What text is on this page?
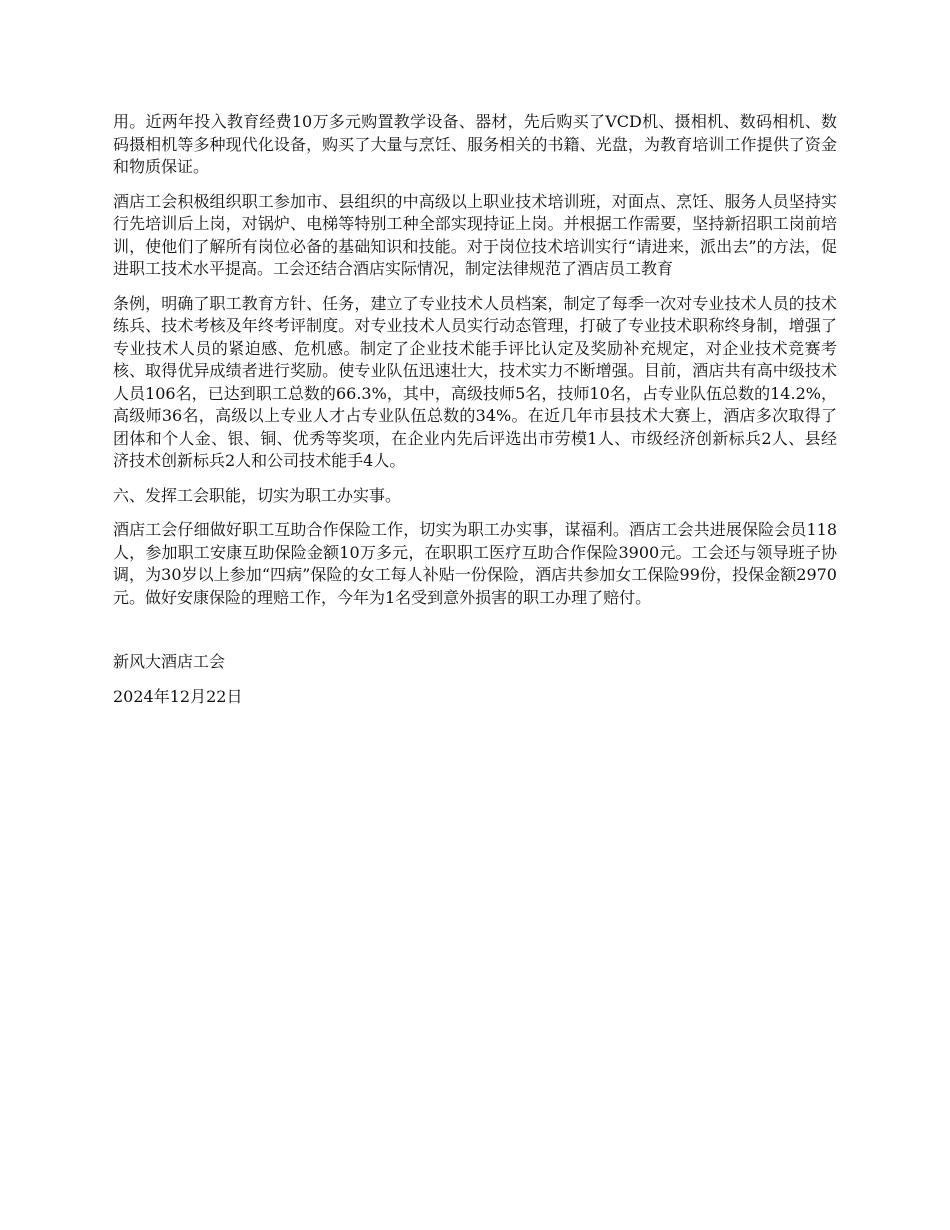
用。近两年投入教育经费10万多元购置教学设备、器材，先后购买了VCD机、摄相机、数码相机、数码摄相机等多种现代化设备，购买了大量与烹饪、服务相关的书籍、光盘，为教育培训工作提供了资金和物质保证。

酒店工会积极组织职工参加市、县组织的中高级以上职业技术培训班，对面点、烹饪、服务人员坚持实行先培训后上岗，对锅炉、电梯等特别工种全部实现持证上岗。并根据工作需要，坚持新招职工岗前培训，使他们了解所有岗位必备的基础知识和技能。对于岗位技术培训实行“请进来，派出去”的方法，促进职工技术水平提高。工会还结合酒店实际情况，制定法律规范了酒店员工教育

条例，明确了职工教育方针、任务，建立了专业技术人员档案，制定了每季一次对专业技术人员的技术练兵、技术考核及年终考评制度。对专业技术人员实行动态管理，打破了专业技术职称终身制，增强了专业技术人员的紧迫感、危机感。制定了企业技术能手评比认定及奖励补充规定，对企业技术竞赛考核、取得优异成绩者进行奖励。使专业队伍迅速壮大，技术实力不断增强。目前，酒店共有高中级技术人员106名，已达到职工总数的66.3%，其中，高级技师5名，技师10名，占专业队伍总数的14.2%，高级师36名，高级以上专业人才占专业队伍总数的34%。在近几年市县技术大赛上，酒店多次取得了团体和个人金、银、铜、优秀等奖项，在企业内先后评选出市劳模1人、市级经济创新标兵2人、县经济技术创新标兵2人和公司技术能手4人。

六、发挥工会职能，切实为职工办实事。

酒店工会仔细做好职工互助合作保险工作，切实为职工办实事，谋福利。酒店工会共进展保险会员118人，参加职工安康互助保险金额10万多元，在职职工医疗互助合作保险3900元。工会还与领导班子协调，为30岁以上参加“四病”保险的女工每人补贴一份保险，酒店共参加女工保险99份，投保金额2970元。做好安康保险的理赔工作，今年为1名受到意外损害的职工办理了赔付。

新风大酒店工会

2024年12月22日
